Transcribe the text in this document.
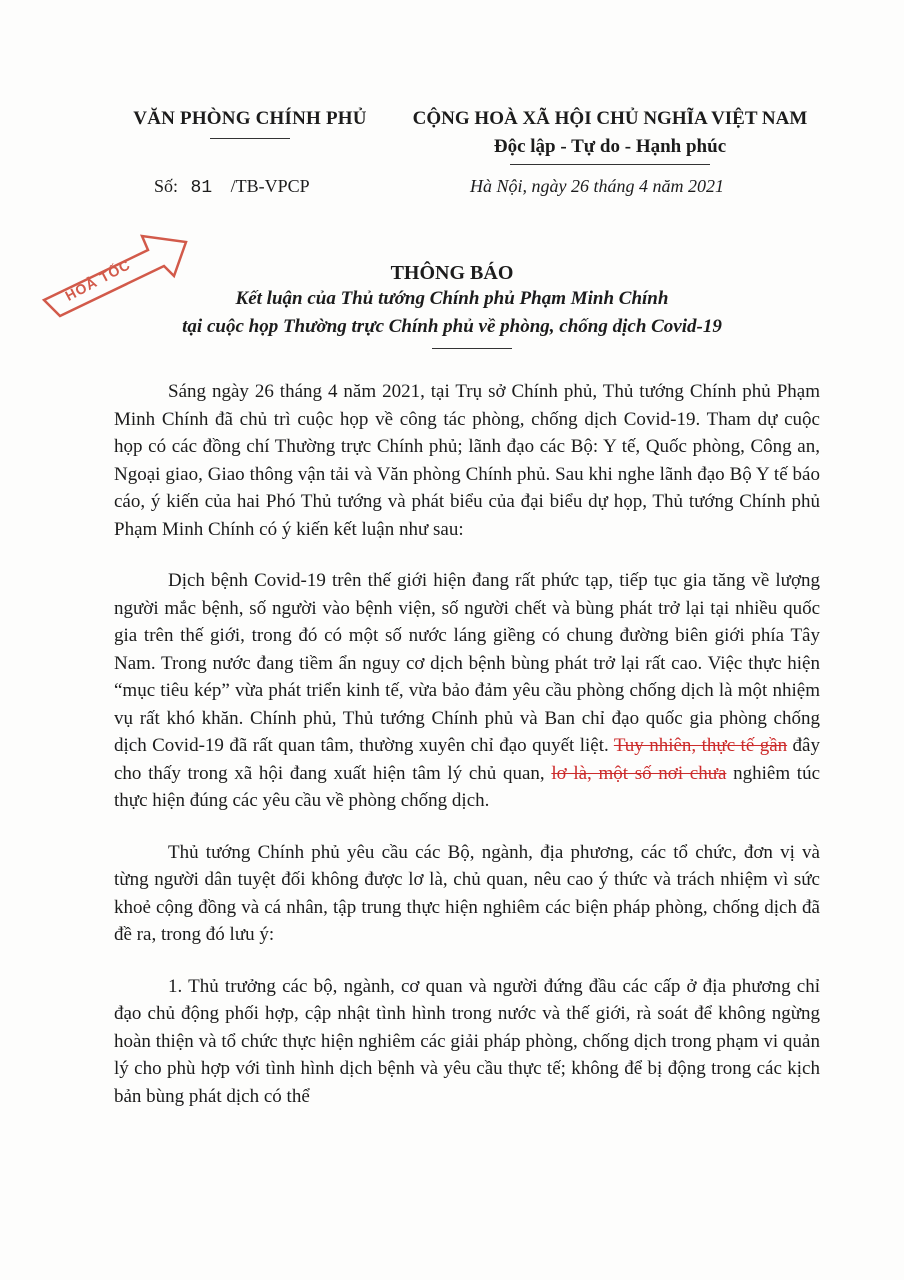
VĂN PHÒNG CHÍNH PHỦ	CỘNG HOÀ XÃ HỘI CHỦ NGHĨA VIỆT NAM
Độc lập - Tự do - Hạnh phúc
Số: 81 /TB-VPCP	Hà Nội, ngày 26 tháng 4 năm 2021
HOẢ TỐC	THÔNG BÁO
Kết luận của Thủ tướng Chính phủ Phạm Minh Chính
tại cuộc họp Thường trực Chính phủ về phòng, chống dịch Covid-19

Sáng ngày 26 tháng 4 năm 2021, tại Trụ sở Chính phủ, Thủ tướng Chính phủ Phạm Minh Chính đã chủ trì cuộc họp về công tác phòng, chống dịch Covid-19. Tham dự cuộc họp có các đồng chí Thường trực Chính phủ; lãnh đạo các Bộ: Y tế, Quốc phòng, Công an, Ngoại giao, Giao thông vận tải và Văn phòng Chính phủ. Sau khi nghe lãnh đạo Bộ Y tế báo cáo, ý kiến của hai Phó Thủ tướng và phát biểu của đại biểu dự họp, Thủ tướng Chính phủ Phạm Minh Chính có ý kiến kết luận như sau:

Dịch bệnh Covid-19 trên thế giới hiện đang rất phức tạp, tiếp tục gia tăng về lượng người mắc bệnh, số người vào bệnh viện, số người chết và bùng phát trở lại tại nhiều quốc gia trên thế giới, trong đó có một số nước láng giềng có chung đường biên giới phía Tây Nam. Trong nước đang tiềm ẩn nguy cơ dịch bệnh bùng phát trở lại rất cao. Việc thực hiện “mục tiêu kép” vừa phát triển kinh tế, vừa bảo đảm yêu cầu phòng chống dịch là một nhiệm vụ rất khó khăn. Chính phủ, Thủ tướng Chính phủ và Ban chỉ đạo quốc gia phòng chống dịch Covid-19 đã rất quan tâm, thường xuyên chỉ đạo quyết liệt. Tuy nhiên, thực tế gần đây cho thấy trong xã hội đang xuất hiện tâm lý chủ quan, lơ là, một số nơi chưa nghiêm túc thực hiện đúng các yêu cầu về phòng chống dịch.

Thủ tướng Chính phủ yêu cầu các Bộ, ngành, địa phương, các tổ chức, đơn vị và từng người dân tuyệt đối không được lơ là, chủ quan, nêu cao ý thức và trách nhiệm vì sức khoẻ cộng đồng và cá nhân, tập trung thực hiện nghiêm các biện pháp phòng, chống dịch đã đề ra, trong đó lưu ý:

1. Thủ trưởng các bộ, ngành, cơ quan và người đứng đầu các cấp ở địa phương chỉ đạo chủ động phối hợp, cập nhật tình hình trong nước và thế giới, rà soát để không ngừng hoàn thiện và tổ chức thực hiện nghiêm các giải pháp phòng, chống dịch trong phạm vi quản lý cho phù hợp với tình hình dịch bệnh và yêu cầu thực tế; không để bị động trong các kịch bản bùng phát dịch có thể
